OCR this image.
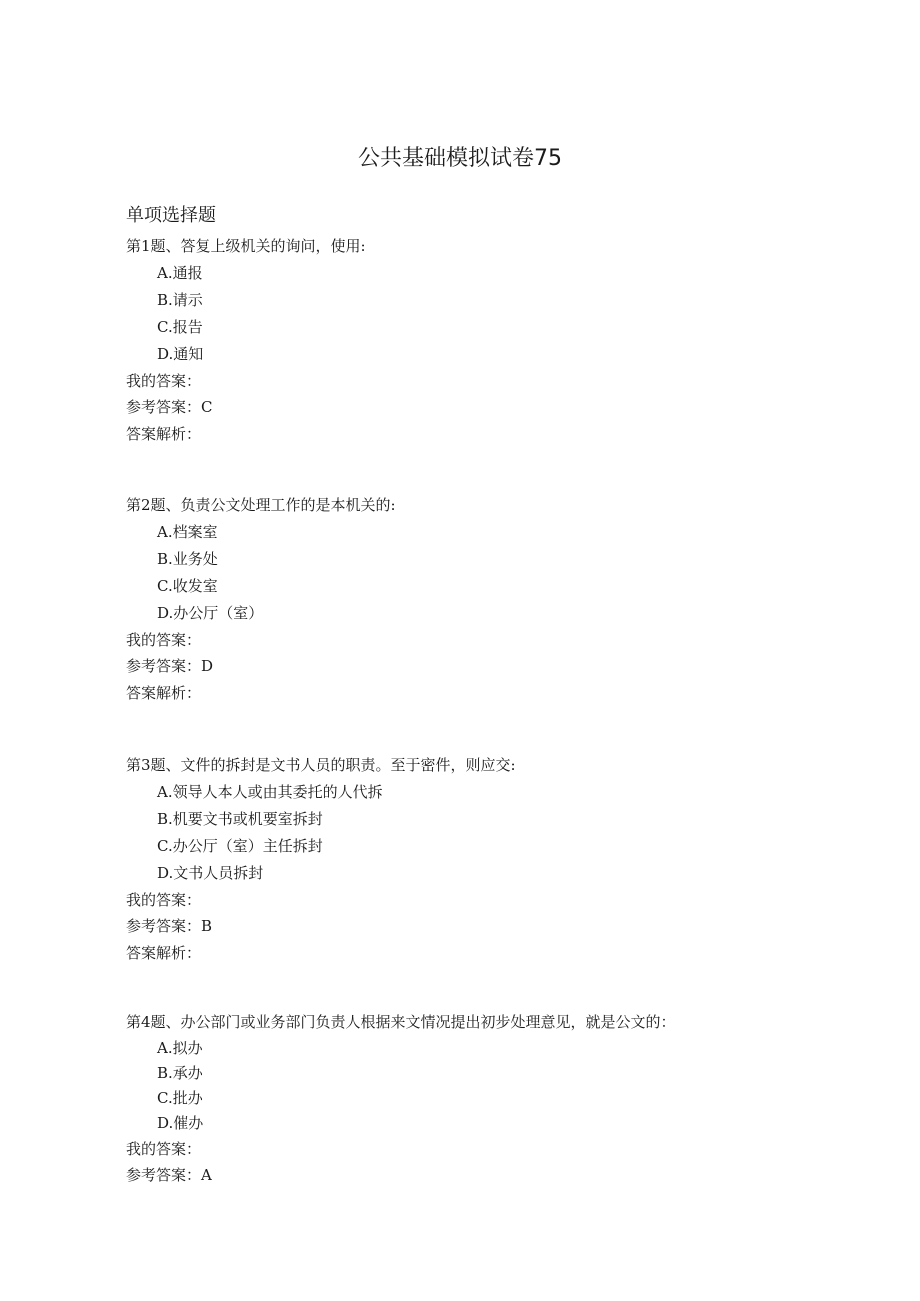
公共基础模拟试卷75
单项选择题
第1题、答复上级机关的询问，使用:
A.通报
B.请示
C.报告
D.通知
我的答案：
参考答案：C
答案解析：
第2题、负责公文处理工作的是本机关的:
A.档案室
B.业务处
C.收发室
D.办公厅（室）
我的答案：
参考答案：D
答案解析：
第3题、文件的拆封是文书人员的职责。至于密件，则应交:
A.领导人本人或由其委托的人代拆
B.机要文书或机要室拆封
C.办公厅（室）主任拆封
D.文书人员拆封
我的答案：
参考答案：B
答案解析：
第4题、办公部门或业务部门负责人根据来文情况提出初步处理意见，就是公文的：
A.拟办
B.承办
C.批办
D.催办
我的答案：
参考答案：A
